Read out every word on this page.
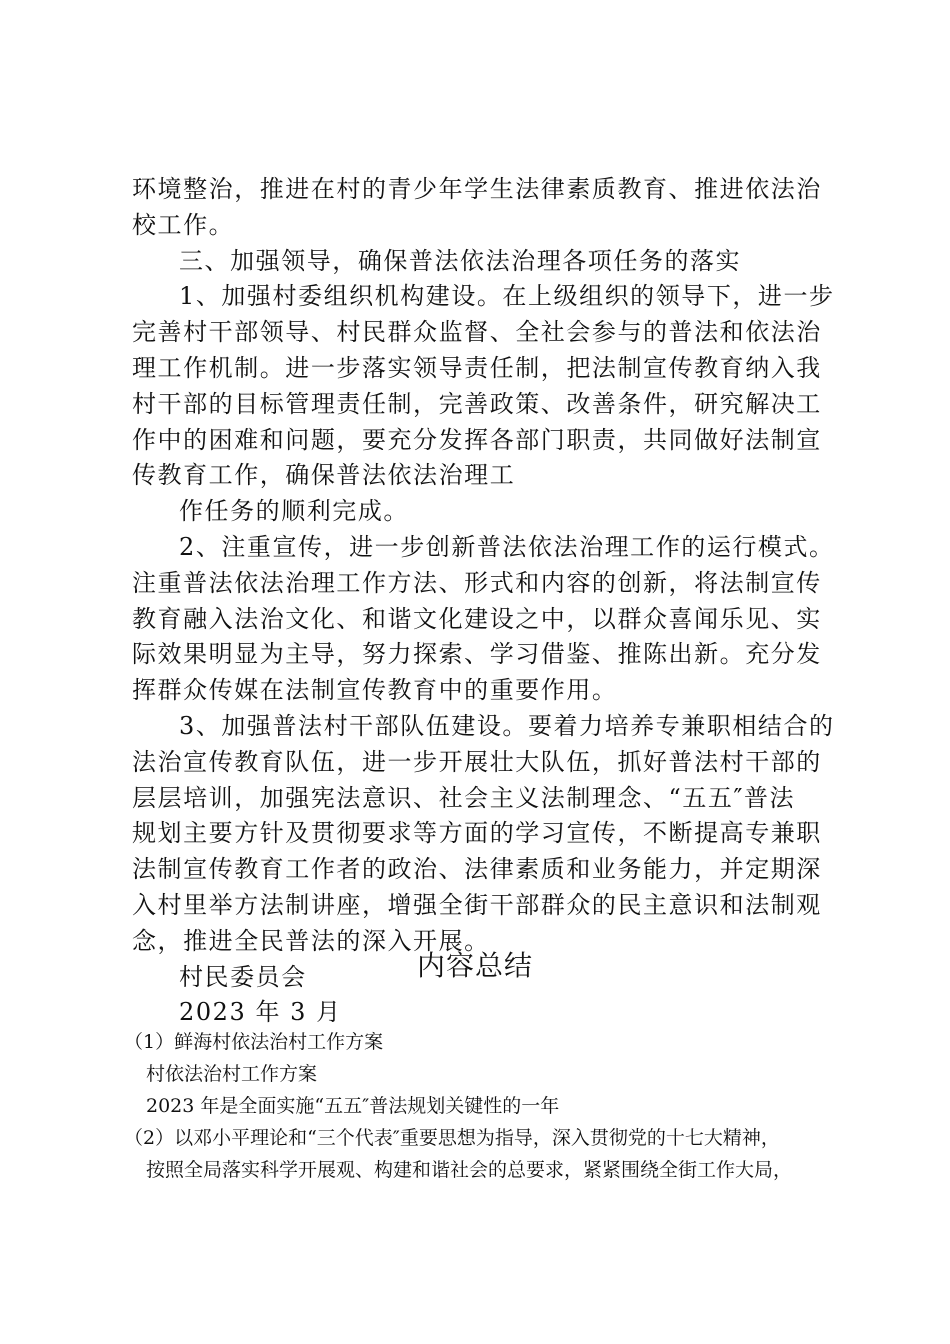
环境整治，推进在村的青少年学生法律素质教育、推进依法治

校工作。

三、加强领导，确保普法依法治理各项任务的落实

1、加强村委组织机构建设。在上级组织的领导下，进一步

完善村干部领导、村民群众监督、全社会参与的普法和依法治

理工作机制。进一步落实领导责任制，把法制宣传教育纳入我

村干部的目标管理责任制，完善政策、改善条件，研究解决工

作中的困难和问题，要充分发挥各部门职责，共同做好法制宣

传教育工作，确保普法依法治理工

作任务的顺利完成。

2、注重宣传，进一步创新普法依法治理工作的运行模式。

注重普法依法治理工作方法、形式和内容的创新，将法制宣传

教育融入法治文化、和谐文化建设之中，以群众喜闻乐见、实

际效果明显为主导，努力探索、学习借鉴、推陈出新。充分发

挥群众传媒在法制宣传教育中的重要作用。

3、加强普法村干部队伍建设。要着力培养专兼职相结合的

法治宣传教育队伍，进一步开展壮大队伍，抓好普法村干部的

层层培训，加强宪法意识、社会主义法制理念、“五五″普法

规划主要方针及贯彻要求等方面的学习宣传，不断提高专兼职

法制宣传教育工作者的政治、法律素质和业务能力，并定期深

入村里举方法制讲座，增强全街干部群众的民主意识和法制观

念，推进全民普法的深入开展。

村民委员会

2023 年 3 月

内容总结

（1）鲜海村依法治村工作方案

村依法治村工作方案

2023 年是全面实施“五五″普法规划关键性的一年

（2）以邓小平理论和“三个代表″重要思想为指导，深入贯彻党的十七大精神，

按照全局落实科学开展观、构建和谐社会的总要求，紧紧围绕全街工作大局，
